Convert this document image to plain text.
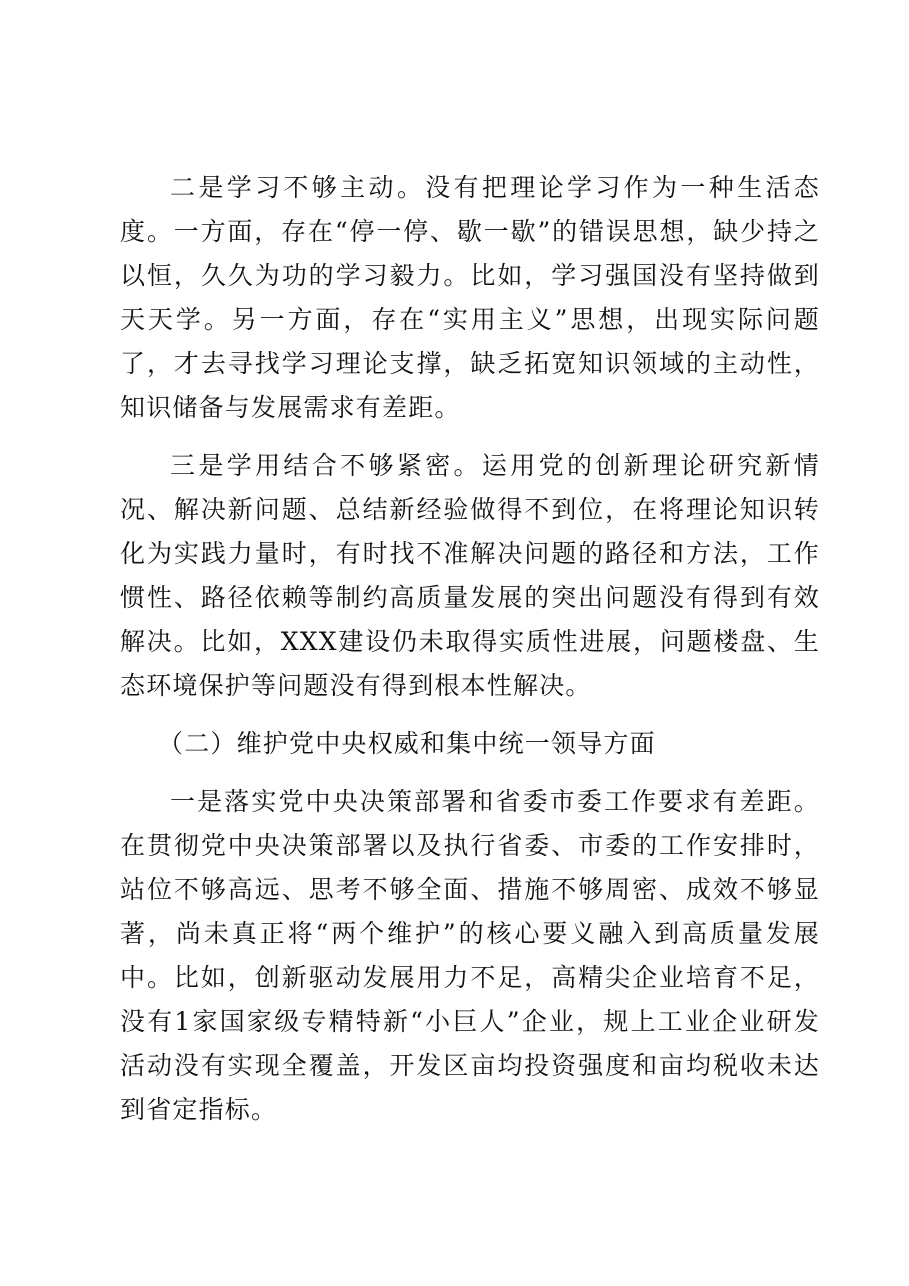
二是学习不够主动。没有把理论学习作为一种生活态度。一方面，存在“停一停、歇一歇”的错误思想，缺少持之以恒，久久为功的学习毅力。比如，学习强国没有坚持做到天天学。另一方面，存在“实用主义”思想，出现实际问题了，才去寻找学习理论支撑，缺乏拓宽知识领域的主动性，知识储备与发展需求有差距。

三是学用结合不够紧密。运用党的创新理论研究新情况、解决新问题、总结新经验做得不到位，在将理论知识转化为实践力量时，有时找不准解决问题的路径和方法，工作惯性、路径依赖等制约高质量发展的突出问题没有得到有效解决。比如，XXX建设仍未取得实质性进展，问题楼盘、生态环境保护等问题没有得到根本性解决。

（二）维护党中央权威和集中统一领导方面

一是落实党中央决策部署和省委市委工作要求有差距。在贯彻党中央决策部署以及执行省委、市委的工作安排时，站位不够高远、思考不够全面、措施不够周密、成效不够显著，尚未真正将“两个维护”的核心要义融入到高质量发展中。比如，创新驱动发展用力不足，高精尖企业培育不足，没有1家国家级专精特新“小巨人”企业，规上工业企业研发活动没有实现全覆盖，开发区亩均投资强度和亩均税收未达到省定指标。
